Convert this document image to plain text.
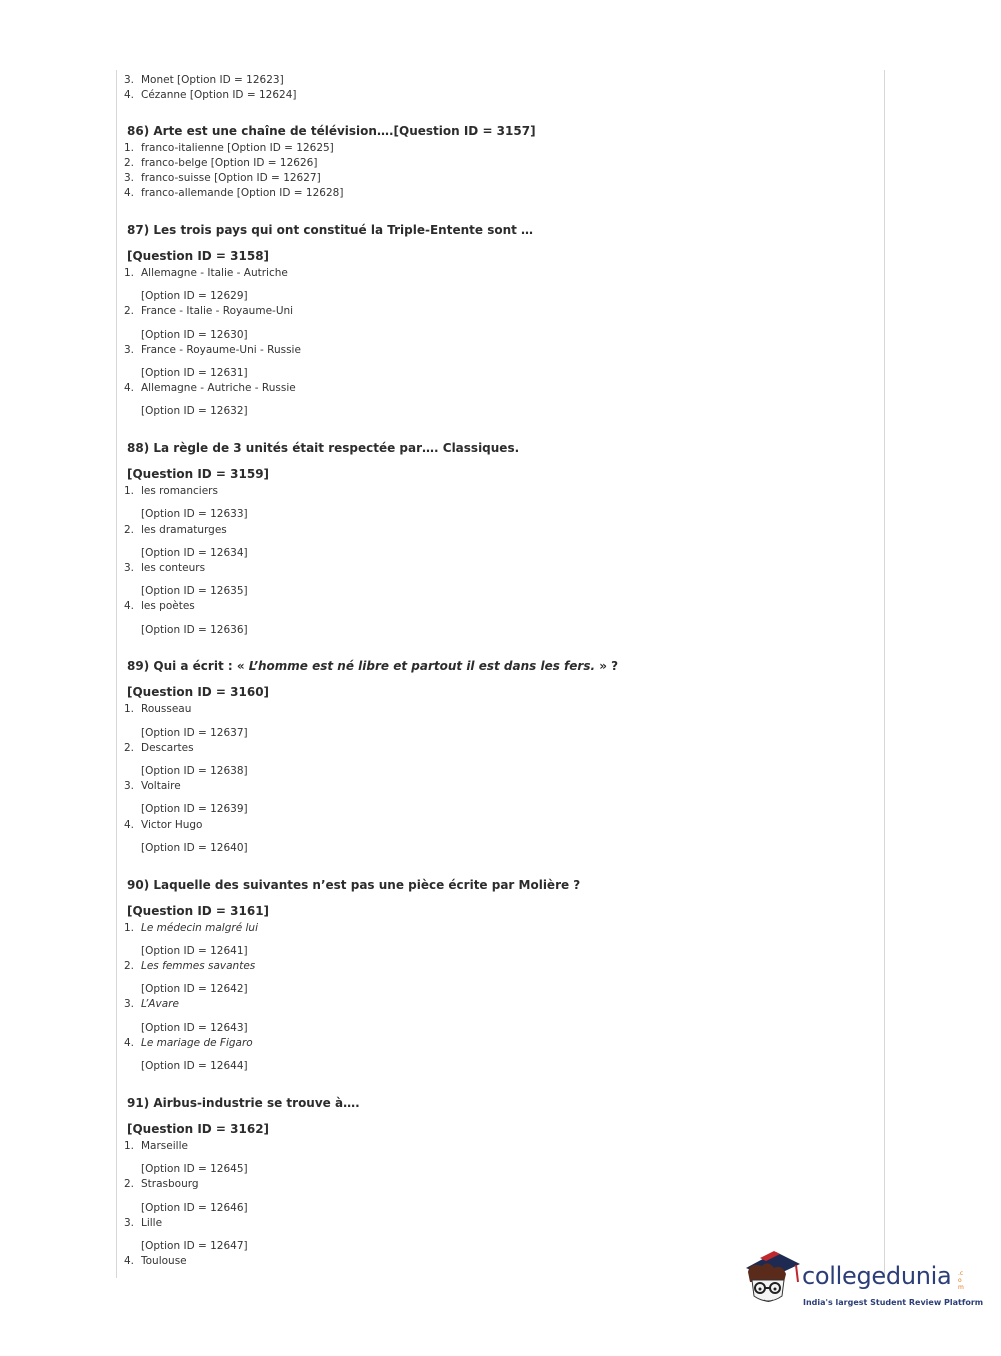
3. Monet [Option ID = 12623]
4. Cézanne [Option ID = 12624]
86) Arte est une chaîne de télévision….[Question ID = 3157]
1. franco-italienne [Option ID = 12625]
2. franco-belge [Option ID = 12626]
3. franco-suisse [Option ID = 12627]
4. franco-allemande [Option ID = 12628]
87) Les trois pays qui ont constitué la Triple-Entente sont …
[Question ID = 3158]
1. Allemagne - Italie - Autriche
[Option ID = 12629]
2. France - Italie - Royaume-Uni
[Option ID = 12630]
3. France - Royaume-Uni - Russie
[Option ID = 12631]
4. Allemagne - Autriche - Russie
[Option ID = 12632]
88) La règle de 3 unités était respectée par…. Classiques.
[Question ID = 3159]
1. les romanciers
[Option ID = 12633]
2. les dramaturges
[Option ID = 12634]
3. les conteurs
[Option ID = 12635]
4. les poètes
[Option ID = 12636]
89) Qui a écrit : « L’homme est né libre et partout il est dans les fers. » ?
[Question ID = 3160]
1. Rousseau
[Option ID = 12637]
2. Descartes
[Option ID = 12638]
3. Voltaire
[Option ID = 12639]
4. Victor Hugo
[Option ID = 12640]
90) Laquelle des suivantes n’est pas une pièce écrite par Molière ?
[Question ID = 3161]
1. Le médecin malgré lui
[Option ID = 12641]
2. Les femmes savantes
[Option ID = 12642]
3. L’Avare
[Option ID = 12643]
4. Le mariage de Figaro
[Option ID = 12644]
91) Airbus-industrie se trouve à….
[Question ID = 3162]
1. Marseille
[Option ID = 12645]
2. Strasbourg
[Option ID = 12646]
3. Lille
[Option ID = 12647]
4. Toulouse
collegedunia .com
India's largest Student Review Platform
